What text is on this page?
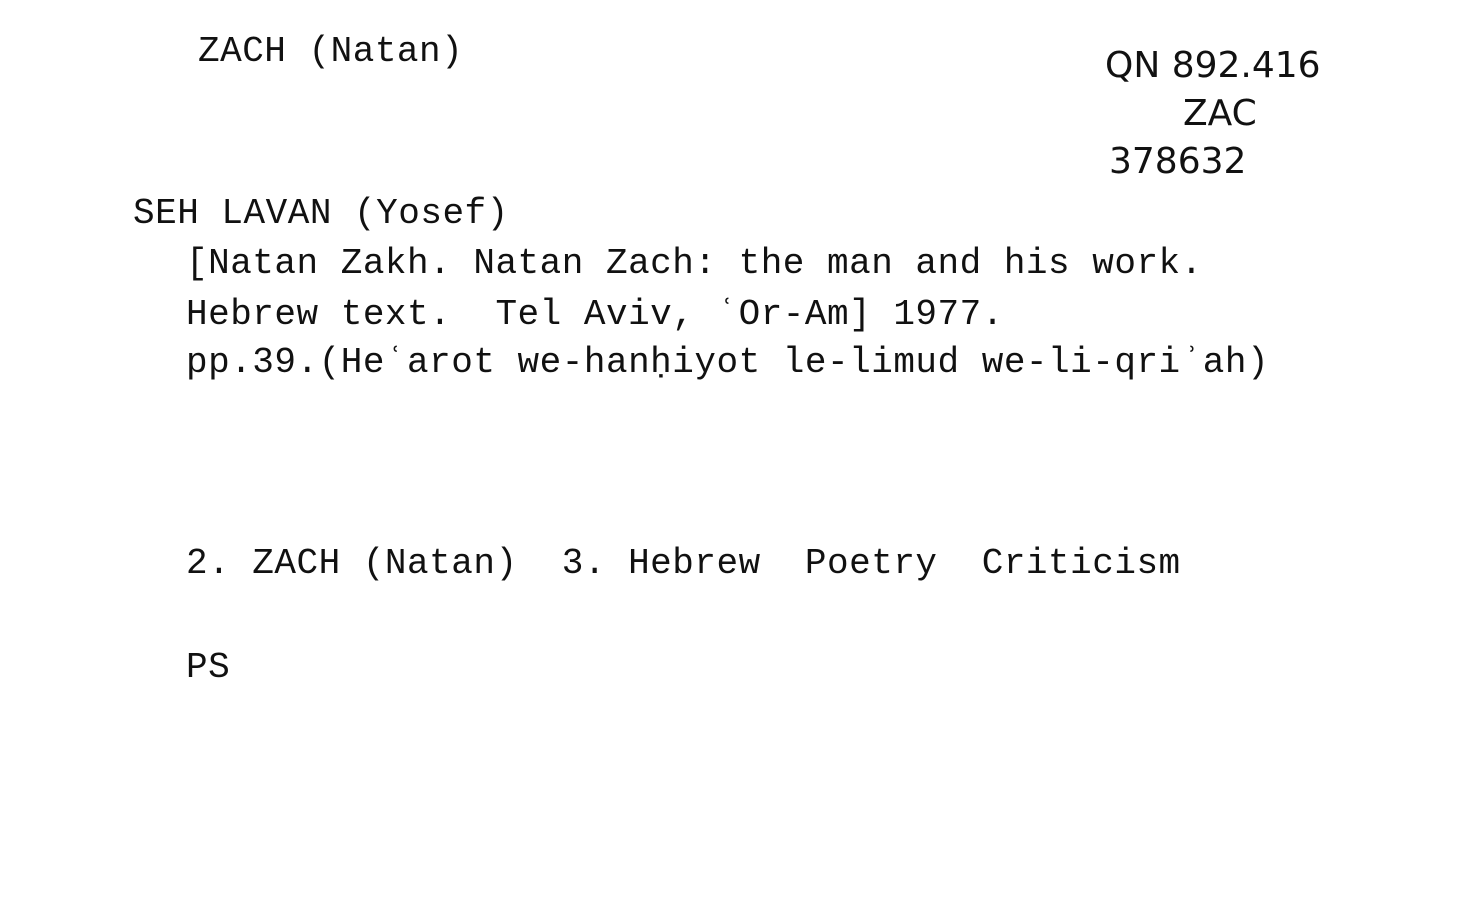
ZACH (Natan)	QN 892.416
ZAC
378632
SEH LAVAN (Yosef)
[Natan Zakh. Natan Zach: the man and his work.
Hebrew text.  Tel Aviv, ʿOr-Am] 1977.
pp.39.(Heʿarot we-hanḥiyot le-limud we-li-qriʾah)
2. ZACH (Natan)  3. Hebrew  Poetry  Criticism
PS
